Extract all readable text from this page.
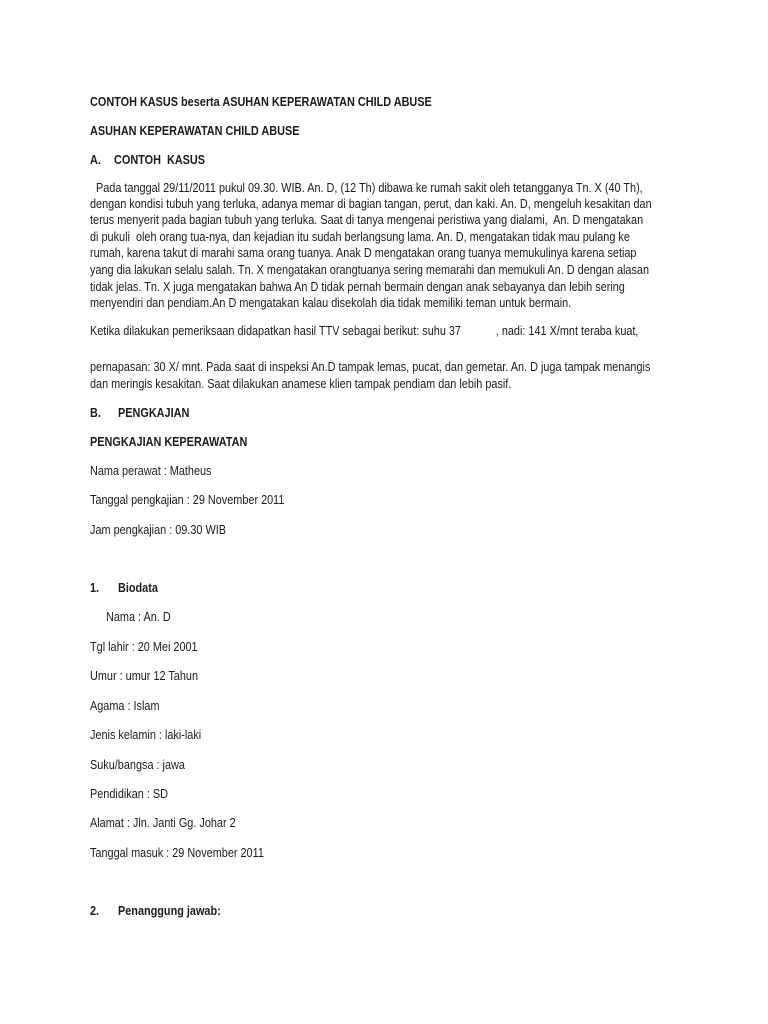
CONTOH KASUS beserta ASUHAN KEPERAWATAN CHILD ABUSE
ASUHAN KEPERAWATAN CHILD ABUSE
A. CONTOH  KASUS
Pada tanggal 29/11/2011 pukul 09.30. WIB. An. D, (12 Th) dibawa ke rumah sakit oleh tetangganya Tn. X (40 Th),
dengan kondisi tubuh yang terluka, adanya memar di bagian tangan, perut, dan kaki. An. D, mengeluh kesakitan dan
terus menyerit pada bagian tubuh yang terluka. Saat di tanya mengenai peristiwa yang dialami,  An. D mengatakan
di pukuli  oleh orang tua-nya, dan kejadian itu sudah berlangsung lama. An. D, mengatakan tidak mau pulang ke
rumah, karena takut di marahi sama orang tuanya. Anak D mengatakan orang tuanya memukulinya karena setiap
yang dia lakukan selalu salah. Tn. X mengatakan orangtuanya sering memarahi dan memukuli An. D dengan alasan
tidak jelas. Tn. X juga mengatakan bahwa An D tidak pernah bermain dengan anak sebayanya dan lebih sering
menyendiri dan pendiam.An D mengatakan kalau disekolah dia tidak memiliki teman untuk bermain.
Ketika dilakukan pemeriksaan didapatkan hasil TTV sebagai berikut: suhu 37	, nadi: 141 X/mnt teraba kuat,
pernapasan: 30 X/ mnt. Pada saat di inspeksi An.D tampak lemas, pucat, dan gemetar. An. D juga tampak menangis
dan meringis kesakitan. Saat dilakukan anamese klien tampak pendiam dan lebih pasif.
B. PENGKAJIAN
PENGKAJIAN KEPERAWATAN
Nama perawat : Matheus
Tanggal pengkajian : 29 November 2011
Jam pengkajian : 09.30 WIB
1. Biodata
Nama : An. D
Tgl lahir : 20 Mei 2001
Umur : umur 12 Tahun
Agama : Islam
Jenis kelamin : laki-laki
Suku/bangsa : jawa
Pendidikan : SD
Alamat : Jln. Janti Gg. Johar 2
Tanggal masuk : 29 November 2011
2. Penanggung jawab:
